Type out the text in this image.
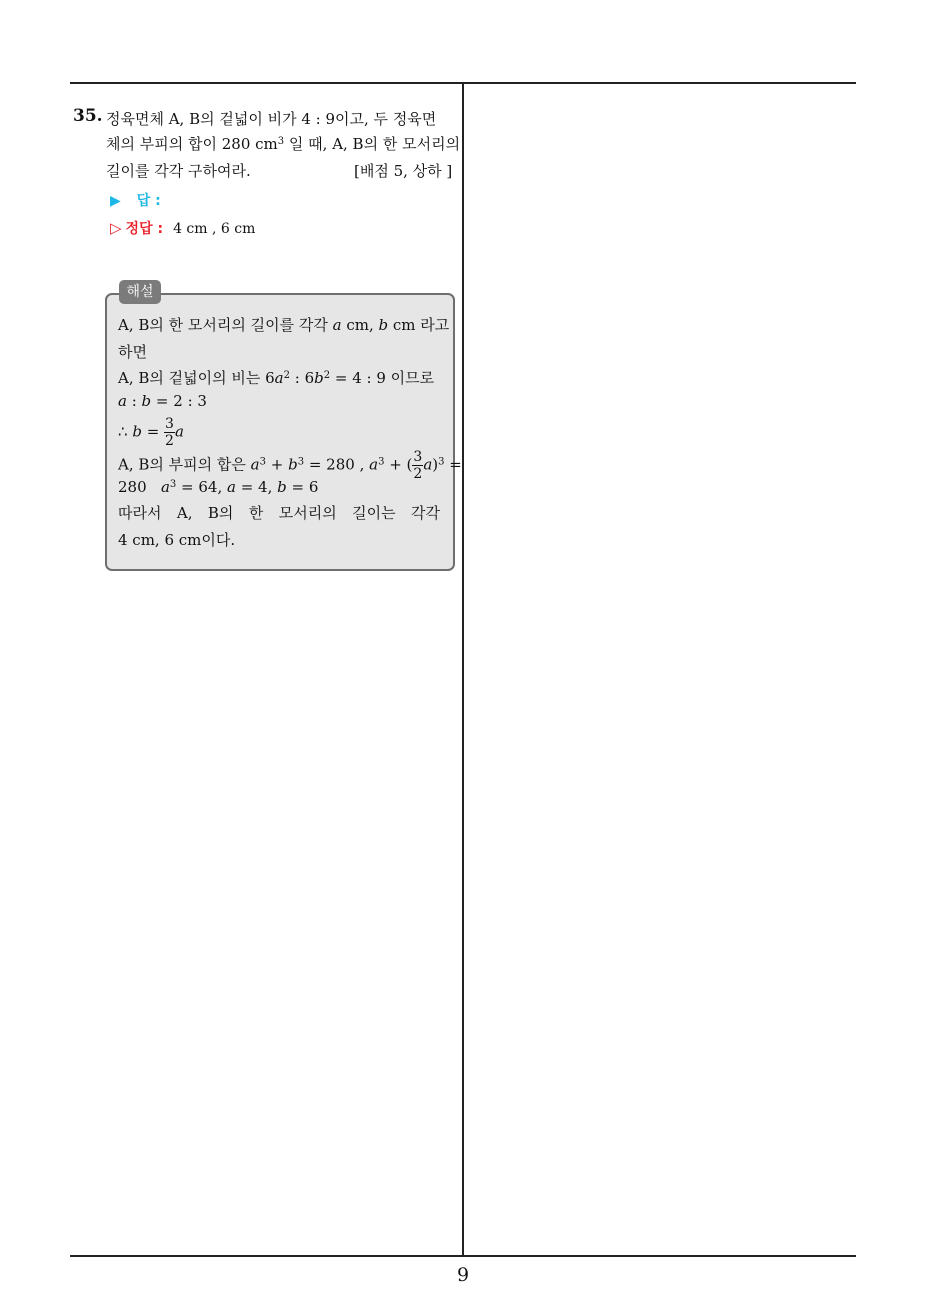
35. 정육면체 A, B의 겉넓이 비가 4 : 9이고, 두 정육면
체의 부피의 합이 280 $cm^3$ 일 때, A, B의 한 모서리의
길이를 각각 구하여라.	[배점 5, 상하 ]
▶ 답 :
▷ 정답 : 4 cm , 6 cm
해설
A, B의 한 모서리의 길이를 각각 a cm, b cm 라고
하면
A, B의 겉넓이의 비는 $6a^2$ : $6b^2 = 4$ : 9 이므로
a : b = 2 : 3
∴ $b = \frac{3}{2}$ a
A, B의 부피의 합은 $a^3 + b^3 = 280$ , $a^3$ + ( $\frac{3}{2} a)^3$ =
280   $a^3 = 64$, a = 4, b = 6
따라서 A, B의 한 모서리의 길이는 각각
4 cm, 6 cm이다.
9
